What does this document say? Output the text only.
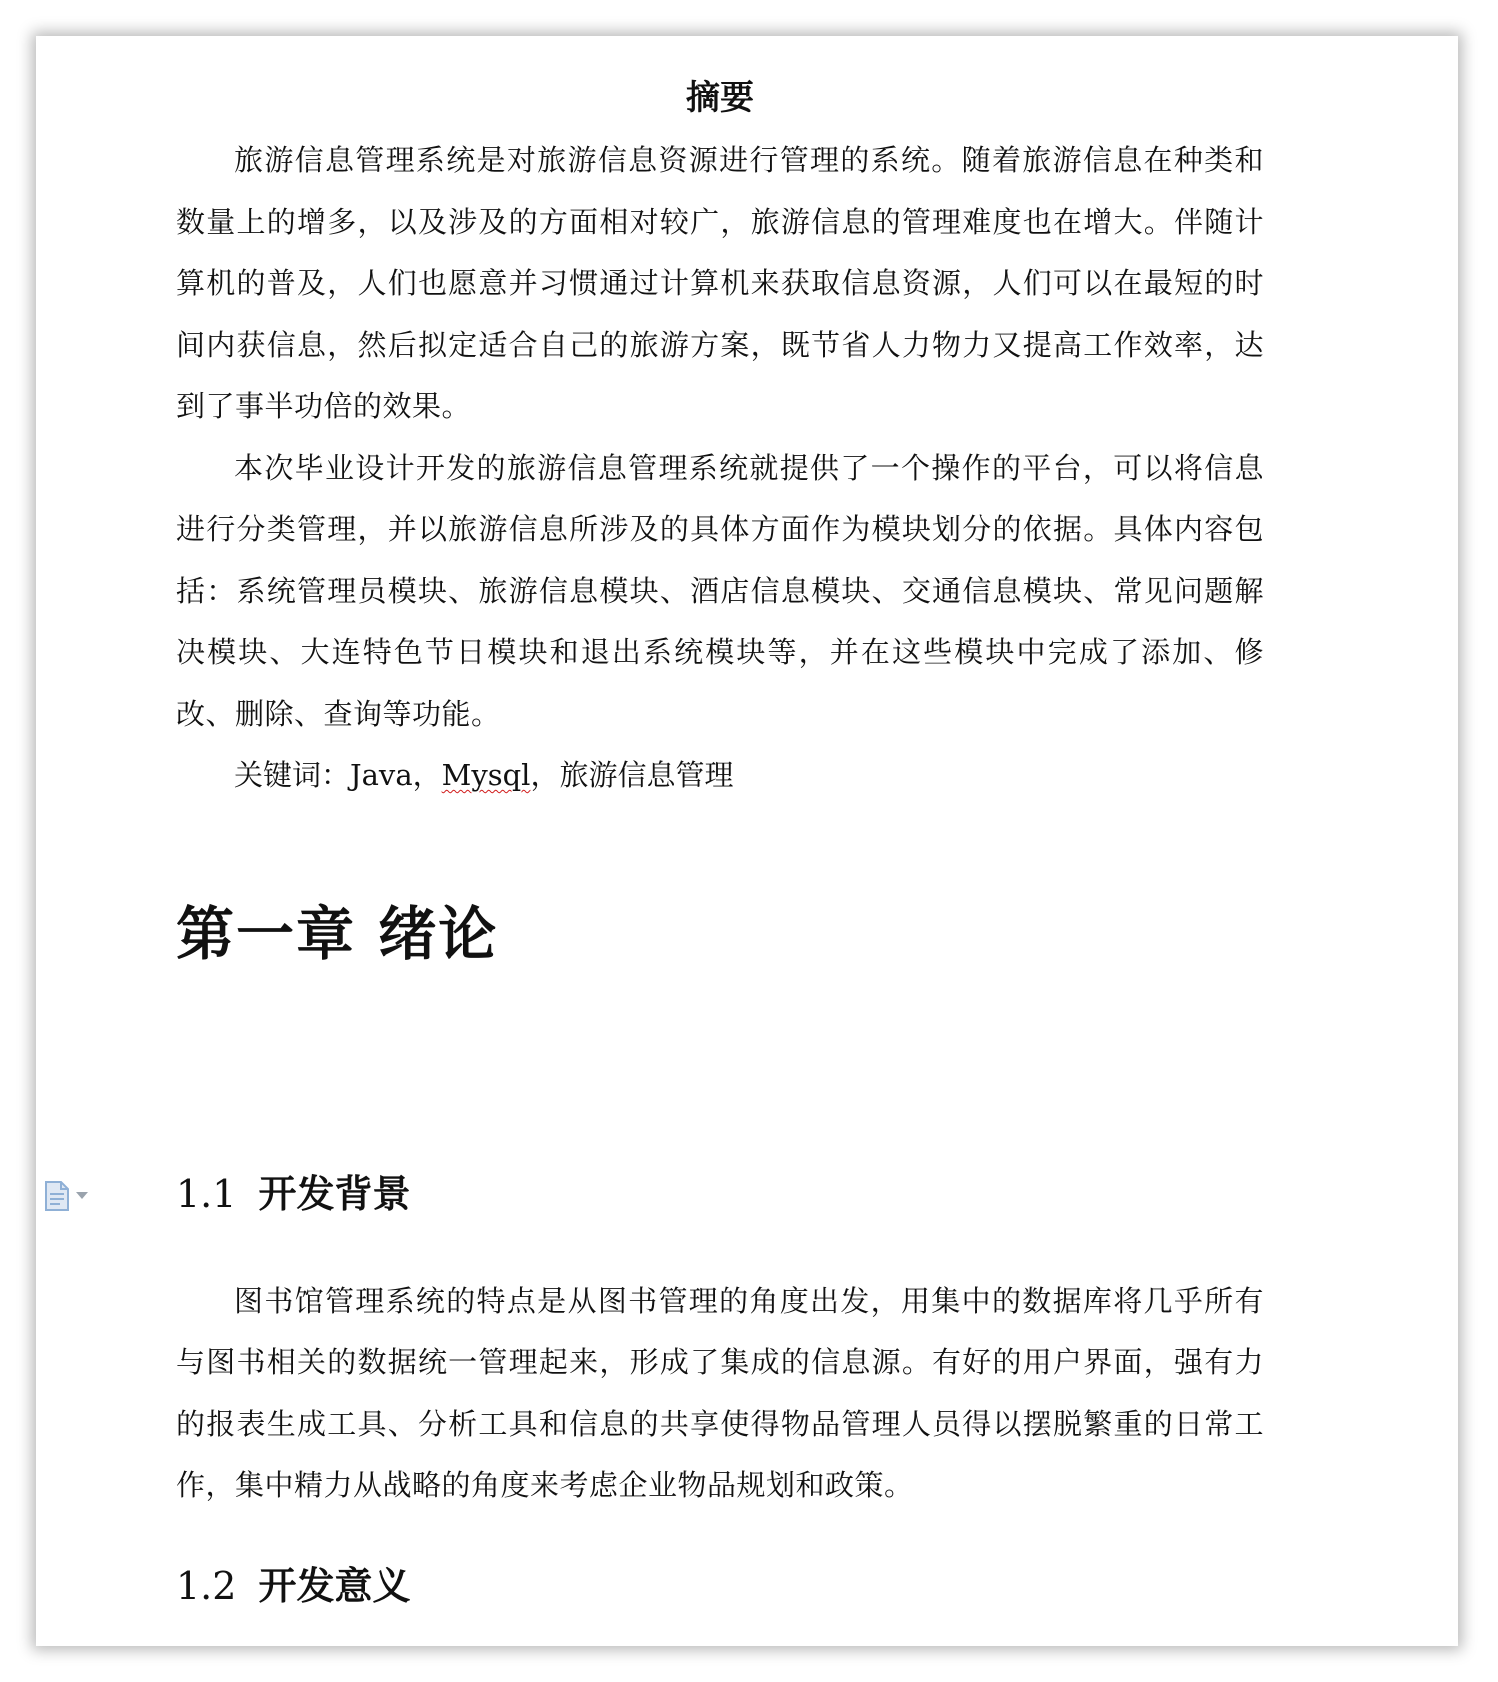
摘要

旅游信息管理系统是对旅游信息资源进行管理的系统。随着旅游信息在种类和数量上的增多，以及涉及的方面相对较广，旅游信息的管理难度也在增大。伴随计算机的普及，人们也愿意并习惯通过计算机来获取信息资源，人们可以在最短的时间内获信息，然后拟定适合自己的旅游方案，既节省人力物力又提高工作效率，达到了事半功倍的效果。

本次毕业设计开发的旅游信息管理系统就提供了一个操作的平台，可以将信息进行分类管理，并以旅游信息所涉及的具体方面作为模块划分的依据。具体内容包括：系统管理员模块、旅游信息模块、酒店信息模块、交通信息模块、常见问题解决模块、大连特色节日模块和退出系统模块等，并在这些模块中完成了添加、修改、删除、查询等功能。

关键词：Java，Mysql，旅游信息管理

第一章 绪论
1.1 开发背景

图书馆管理系统的特点是从图书管理的角度出发，用集中的数据库将几乎所有与图书相关的数据统一管理起来，形成了集成的信息源。有好的用户界面，强有力的报表生成工具、分析工具和信息的共享使得物品管理人员得以摆脱繁重的日常工作，集中精力从战略的角度来考虑企业物品规划和政策。

1.2 开发意义
